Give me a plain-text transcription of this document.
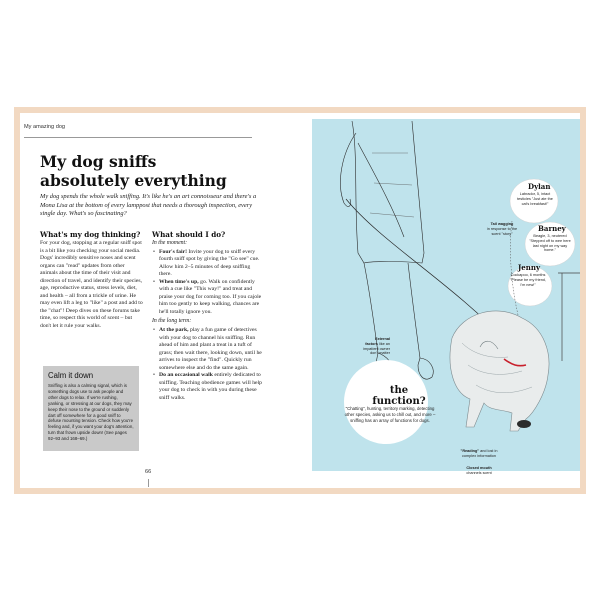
My amazing dog
My dog sniffs
absolutely everything
My dog spends the whole walk sniffing. It's like he's an art connoisseur and there's a Mona Lisa at the bottom of every lamppost that needs a thorough inspection, every single day. What's so fascinating?
What's my dog thinking?
For your dog, stopping at a regular sniff spot is a bit like you checking your social media. Dogs' incredibly sensitive noses and scent organs can "read" updates from other animals about the time of their visit and direction of travel, and identify their species, age, reproductive status, stress levels, diet, and health – all from a trickle of urine. He may even lift a leg to "like" a post and add to the "chat"! Deep dives on these forums take time, so respect this world of scent – but don't let it rule your walks.
Calm it down
Sniffing is also a calming signal, which is something dogs use to ask people and other dogs to relax. If we're rushing, yanking, or stressing at our dogs, they may keep their nose to the ground or suddenly dart off somewhere for a good sniff to defuse mounting tension. Check how you're feeling and, if you want your dog's attention, turn that frown upside down! (See pages 92–93 and 168–69.)
What should I do?
In the moment:
• Four's fair! Invite your dog to sniff every fourth sniff spot by giving the "Go see" cue. Allow him 2–5 minutes of deep sniffing there.
• When time's up, go. Walk on confidently with a cue like "This way!" and treat and praise your dog for coming too. If you cajole him too gently to keep walking, chances are he'll totally ignore you.
In the long term:
• At the park, play a fun game of detectives with your dog to channel his sniffing. Run ahead of him and plant a treat in a tuft of grass; then wait there, looking down, until he arrives to inspect the "find". Quickly run somewhere else and do the same again.
• Do an occasional walk entirely dedicated to sniffing. Teaching obedience games will help your dog to check in with you during these sniff walks.
66
Dylan
Labrador, 5, intact testicles "Just ate the cat's breakfast!"
Barney
Beagle, 3, neutered "Stepped off to wee here last night on my way home."
Jenny
Cockapoo, 6 months "Please be my friend, I'm new!"
Tail wagging
in response to the scent "story"
External
factors like an impatient owner don't matter
the
function?
"Chatting", hunting, territory marking, detecting other species, asking us to chill out, and more – sniffing has an array of functions for dogs.
"Reading" and lost in complex information
Closed mouth
channels scent
